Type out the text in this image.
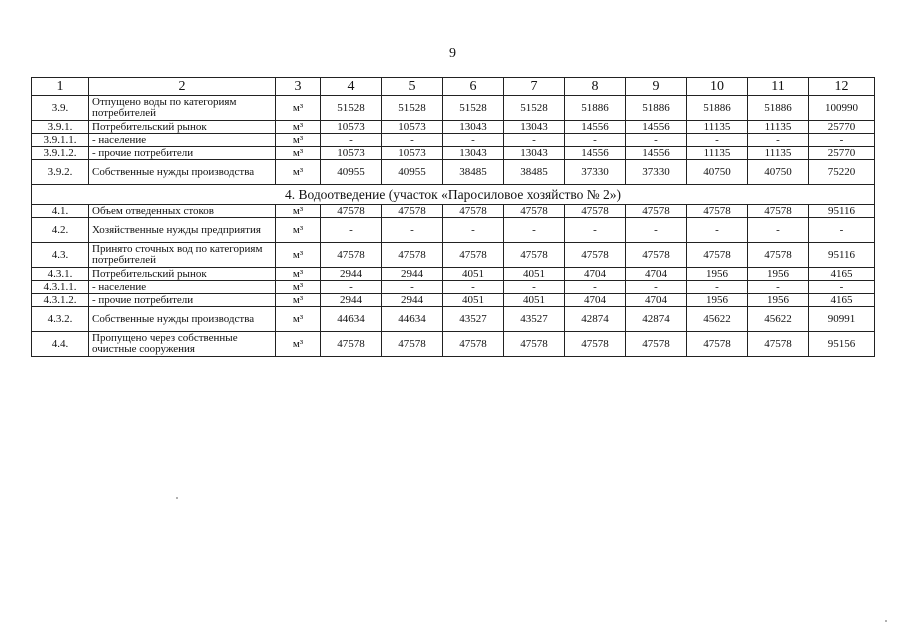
9
1	2	3	4	5	6	7	8	9	10	11	12
3.9.	Отпущено воды по категориям потребителей	м³	51528	51528	51528	51528	51886	51886	51886	51886	100990
3.9.1.	Потребительский рынок	м³	10573	10573	13043	13043	14556	14556	11135	11135	25770
3.9.1.1.	- население	м³	-	-	-	-	-	-	-	-	-
3.9.1.2.	- прочие потребители	м³	10573	10573	13043	13043	14556	14556	11135	11135	25770
3.9.2.	Собственные нужды производства	м³	40955	40955	38485	38485	37330	37330	40750	40750	75220
4. Водоотведение (участок «Паросиловое хозяйство № 2»)											
4.1.	Объем отведенных стоков	м³	47578	47578	47578	47578	47578	47578	47578	47578	95116
4.2.	Хозяйственные нужды предприятия	м³	-	-	-	-	-	-	-	-	-
4.3.	Принято сточных вод по категориям потребителей	м³	47578	47578	47578	47578	47578	47578	47578	47578	95116
4.3.1.	Потребительский рынок	м³	2944	2944	4051	4051	4704	4704	1956	1956	4165
4.3.1.1.	- население	м³	-	-	-	-	-	-	-	-	-
4.3.1.2.	- прочие потребители	м³	2944	2944	4051	4051	4704	4704	1956	1956	4165
4.3.2.	Собственные нужды производства	м³	44634	44634	43527	43527	42874	42874	45622	45622	90991
4.4.	Пропущено через собственные очистные сооружения	м³	47578	47578	47578	47578	47578	47578	47578	47578	95156
